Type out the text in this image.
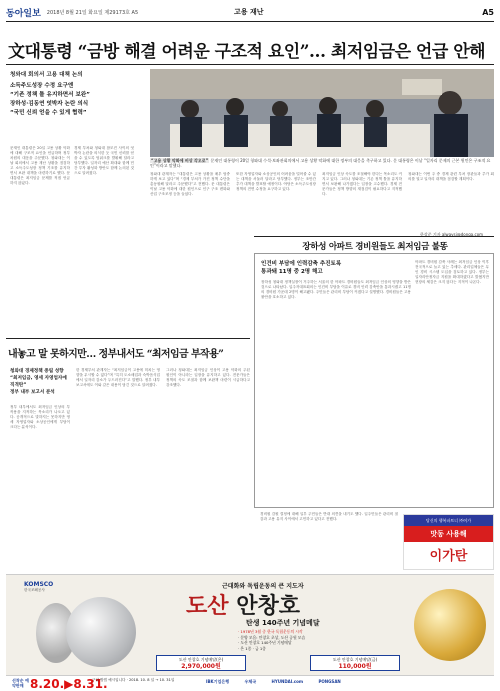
동아일보 2018년 8월 21일 화요일 제29173호 A5	고용 재난	A5
文대통령 “금방 해결 어려운 구조적 요인”… 최저임금은 언급 안해

청와대 회의서 고용 대책 논의

소득주도성장 수정 요구엔

“기존 정책 틀 유지하면서 보완”

장하성·김동연 엇박자 논란 의식

“국민 신뢰 얻을 수 있게 협력”

문재인 대통령은 20일 고용 상황 악화에 대해 구조적 요인을 언급하며 정부 차원의 대응을 주문했다. 청와대는 이날 회의에서 고용 재난 상황을 점검하고 소득주도성장 정책 기조를 유지하면서 보완 대책을 마련하기로 했다. 문 대통령은 최저임금 문제를 직접 언급하지 않았다.
경제 부처와 청와대 참모진 사이의 엇박자 논란을 의식한 듯 국민 신뢰를 얻을 수 있도록 팀워크를 발휘해 달라고 당부했다. 일자리 예산 확대와 함께 민간 투자 활성화 방안도 함께 논의된 것으로 알려졌다.
“고용 상황 악화에 비상 각오로” 문재인 대통령이 20일 청와대 수석·보좌관회의에서 고용 상황 악화에 대한 정부의 대응을 촉구하고 있다. 문 대통령은 이날 “일자리 문제의 근본 원인은 구조적 요인”이라고 말했다.
청와대 관계자는 “대통령은 고용 상황을 매우 엄중하게 보고 있다”며 “경제 부처가 가진 정책 수단을 총동원해 달라고 주문했다”고 전했다. 문 대통령은 이날 고용 악화에 대한 원인으로 인구 구조 변화와 산업 구조조정 등을 들었다.
또한 자영업자와 소상공인의 어려움을 덜어줄 수 있는 대책을 서둘러 달라고 당부했다. 정부는 조만간 추가 대책을 발표할 예정이다. 야당은 소득주도성장 정책의 전면 수정을 요구하고 있다.
최저임금 인상 속도를 조절해야 한다는 목소리도 커지고 있다. 그러나 청와대는 기존 정책 틀을 유지하면서 보완해 나가겠다는 입장을 고수했다. 경제 전문가들은 정책 방향의 재점검이 필요하다고 지적했다.
청와대는 이번 주 중 경제 관련 부처 장관들과 추가 회의를 열고 일자리 대책을 점검할 계획이다.
한상준 기자 alwaysj@donga.com
장하성 아파트 경비원들도 최저임금 불똥
인건비 부담에 인력감축 추진토록
통과돼 11명 중 2명 해고
장하성 청와대 정책실장이 거주하는 서울의 한 아파트 경비원들도 최저임금 인상의 영향을 받은 것으로 나타났다. 입주자대표회의는 인건비 부담을 이유로 경비 인력 감축안을 통과시켰고 11명의 경비원 가운데 2명이 해고됐다. 주민들은 관리비 부담이 커졌다고 설명했다. 경비원들은 고용 불안을 호소하고 있다.
아파트 경비원 감축 사례는 최저임금 인상 이후 전국적으로 늘고 있는 추세다. 관리업체들은 무인 경비 시스템 도입을 검토하고 있다. 정부는 일자리안정자금 지원을 확대하겠다고 밝혔지만 현장의 체감은 크지 않다는 지적이 나온다.
내놓고 말 못하지만… 정부내서도 “최저임금 부작용”
청와대 경제정책 중립 성향
“최저임금, 영세 자영업자에 직격탄”
정부 내부 보고서 분석
정부 내부에서도 최저임금 인상의 부작용을 지적하는 목소리가 나오고 있다. 공개적으로 말하지는 못하지만 영세 자영업자와 소상공인에게 부담이 크다는 분석이다.
한 경제부처 관계자는 “최저임금이 고용에 미치는 영향을 무시할 수 없다”며 “특히 도소매업과 숙박음식업에서 일자리 감소가 두드러진다”고 말했다. 정부 내부 보고서에도 이와 같은 내용이 담긴 것으로 알려졌다.
그러나 청와대는 최저임금 인상이 고용 악화의 주된 원인이 아니라는 입장을 유지하고 있다. 전문가들은 정책의 속도 조절과 함께 보완책 마련이 시급하다고 강조했다.
경비원 감원 결정에 대해 일부 주민들은 반대 의견을 내기도 했다. 입주민들은 관리비 절감과 고용 유지 사이에서 고민하고 있다고 전했다.	당신의 행복파트너 ㈜이가
맛동 사용해
이가탄
KOMSCO
한국조폐공사	근대화와 독립운동의 큰 지도자
도산 안창호
탄생 140주년 기념메달
· 1978년 3월 중 한국 독립운동의 시작
· 문양 모음: 안창호 초상, 도산 공원 모습
· 도산 안창호 140주년 기념메달
· 은 1종 · 금 1종
도산 안창호 기념메달(은)
2,970,000원
도산 안창호 기념메달(금)
110,000원
선착순 예약판매 8.20.▶8.31.
구입 방법 예시입니다 · 2018. 10. 8 일 → 10. 31일	IBK기업은행	우체국	HYUNDAI.com	PONGSAN
